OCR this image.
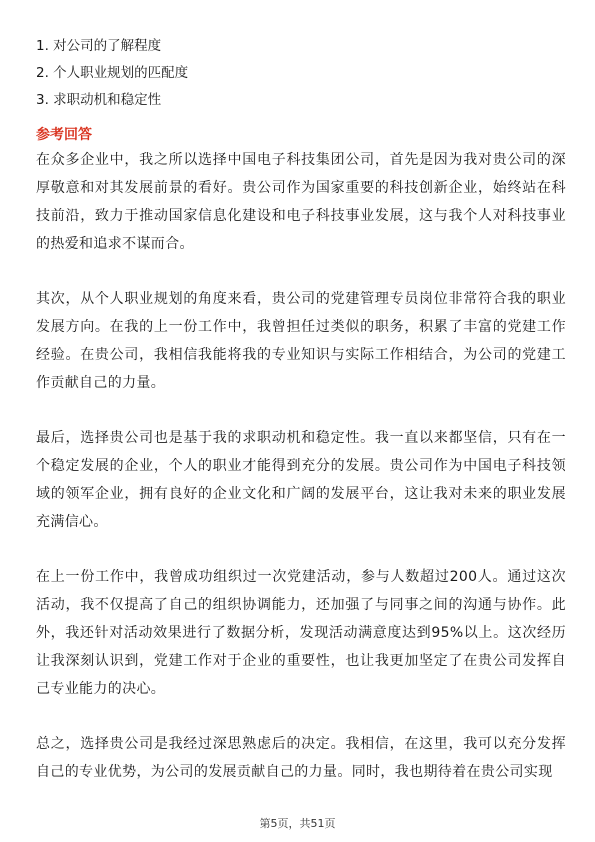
1. 对公司的了解程度
2. 个人职业规划的匹配度
3. 求职动机和稳定性
参考回答

在众多企业中，我之所以选择中国电子科技集团公司，首先是因为我对贵公司的深厚敬意和对其发展前景的看好。贵公司作为国家重要的科技创新企业，始终站在科技前沿，致力于推动国家信息化建设和电子科技事业发展，这与我个人对科技事业的热爱和追求不谋而合。

其次，从个人职业规划的角度来看，贵公司的党建管理专员岗位非常符合我的职业发展方向。在我的上一份工作中，我曾担任过类似的职务，积累了丰富的党建工作经验。在贵公司，我相信我能将我的专业知识与实际工作相结合，为公司的党建工作贡献自己的力量。

最后，选择贵公司也是基于我的求职动机和稳定性。我一直以来都坚信，只有在一个稳定发展的企业，个人的职业才能得到充分的发展。贵公司作为中国电子科技领域的领军企业，拥有良好的企业文化和广阔的发展平台，这让我对未来的职业发展充满信心。

在上一份工作中，我曾成功组织过一次党建活动，参与人数超过200人。通过这次活动，我不仅提高了自己的组织协调能力，还加强了与同事之间的沟通与协作。此外，我还针对活动效果进行了数据分析，发现活动满意度达到95%以上。这次经历让我深刻认识到，党建工作对于企业的重要性，也让我更加坚定了在贵公司发挥自己专业能力的决心。

总之，选择贵公司是我经过深思熟虑后的决定。我相信，在这里，我可以充分发挥自己的专业优势，为公司的发展贡献自己的力量。同时，我也期待着在贵公司实现

第5页，共51页
